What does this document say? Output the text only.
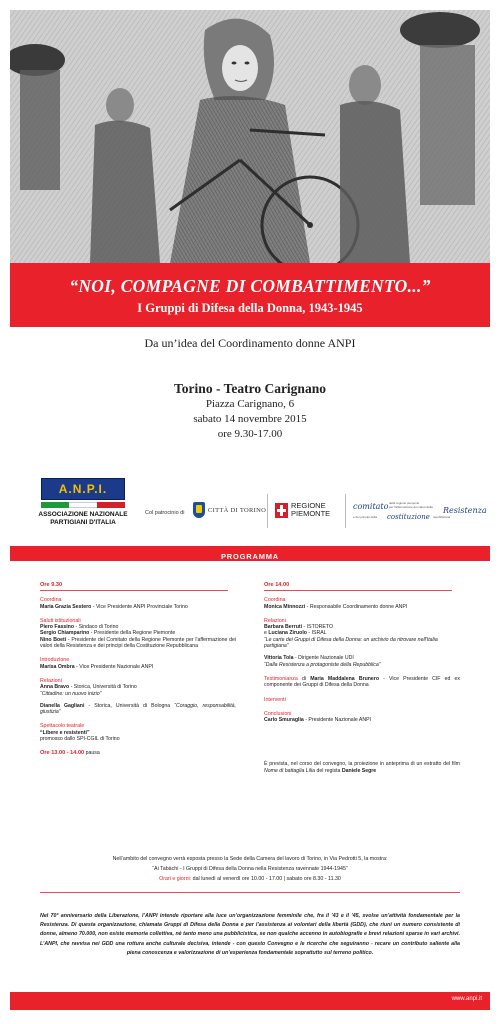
“NOI, COMPAGNE DI COMBATTIMENTO...”
I Gruppi di Difesa della Donna, 1943-1945
Da un’idea del Coordinamento donne ANPI
Torino - Teatro Carignano
Piazza Carignano, 6
sabato 14 novembre 2015
ore 9.30-17.00
A.N.P.I.
ASSOCIAZIONE NAZIONALE
PARTIGIANI D'ITALIA
Col patrocinio di	CITTÀ DI TORINO	REGIONE
PIEMONTE
comitato della regione piemonte
per l'affermazione dei valori della	Resistenza
e dei principi della costituzione repubblicana
PROGRAMMA
Ore 9.30
Coordina
Maria Grazia Sestero - Vice Presidente ANPI Provinciale Torino
Saluti istituzionali
Piero Fassino - Sindaco di Torino
Sergio Chiamparino - Presidente della Regione Piemonte
Nino Boeti - Presidente del Comitato della Regione Piemonte per l'affermazione dei valori della Resistenza e dei principi della Costituzione Repubblicana
Introduzione
Marisa Ombra - Vice Presidente Nazionale ANPI
Relazioni
Anna Bravo - Storica, Università di Torino
“Cittadine: un nuovo inizio”
Dianella Gagliani - Storica, Università di Bologna “Coraggio, responsabilità, giustizia”
Spettacolo teatrale
“Libere e resistenti”
promosso dallo SPI-CGIL di Torino
Ore 13.00 - 14.00 pausa
Ore 14.00
Coordina
Monica Minnozzi - Responsabile Coordinamento donne ANPI
Relazioni
Barbara Berruti - ISTORETO
e Luciana Ziruolo - ISRAL
“Le carte dei Gruppi di Difesa della Donna: un archivio da ritrovare nell'Italia partigiana”
Vittoria Tola - Dirigente Nazionale UDI
“Dalla Resistenza a protagoniste della Repubblica”
Testimonianza di Maria Maddalena Brunero - Vice Presidente CIF ed ex componente dei Gruppi di Difesa della Donna
Interventi
Conclusioni
Carlo Smuraglia - Presidente Nazionale ANPI
È prevista, nel corso del convegno, la proiezione in anteprima di un estratto del film Nome di battaglia Lilia del regista Daniele Segre
Nell’ambito del convegno verrà esposta presso la Sede della Camera del lavoro di Torino, in Via Pedrotti 5, la mostra:
“Ai Tabàchi - I Gruppi di Difesa della Donna nella Resistenza ravennate 1944-1945”
Orari e giorni: dal lunedì al venerdì ore 10.00 - 17.00 | sabato ore 8.30 - 11.30
Nel 70° anniversario della Liberazione, l’ANPI intende riportare alla luce un’organizzazione femminile che, fra il ’43 e il ’45, svolse un’attività fondamentale per la Resistenza. Di questa organizzazione, chiamata Gruppi di Difesa della Donna e per l’assistenza ai volontari della libertà (GDD), che riunì un numero consistente di donne, almeno 70.000, non esiste memoria collettiva, né tanto meno una pubblicistica, se non qualche accenno in autobiografie e brevi relazioni sparse in vari archivi. L’ANPI, che ravvisa nei GDD una rottura anche culturale decisiva, intende - con questo Convegno e le ricerche che seguiranno - recare un contributo saliente alla piena conoscenza e valorizzazione di un’esperienza fondamentale soprattutto sul terreno politico.
www.anpi.it
